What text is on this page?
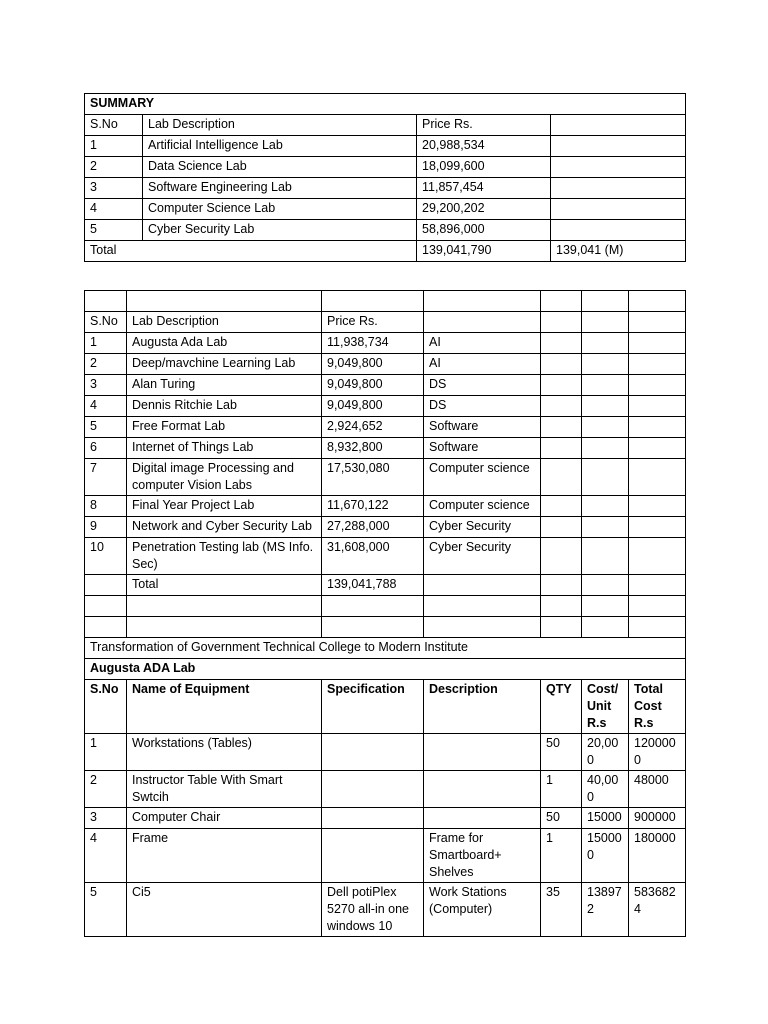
SUMMARY			
S.No	Lab Description	Price Rs.	
1	Artificial Intelligence Lab	20,988,534	
2	Data Science Lab	18,099,600	
3	Software Engineering Lab	11,857,454	
4	Computer Science Lab	29,200,202	
5	Cyber Security Lab	58,896,000	
Total		139,041,790	139,041 (M)

S.No	Lab Description	Price Rs.				
1	Augusta Ada Lab	11,938,734	AI			
2	Deep/mavchine Learning Lab	9,049,800	AI			
3	Alan Turing	9,049,800	DS			
4	Dennis Ritchie Lab	9,049,800	DS			
5	Free Format Lab	2,924,652	Software			
6	Internet of Things Lab	8,932,800	Software			
7	Digital image Processing and computer Vision Labs	17,530,080	Computer science			
8	Final Year Project Lab	11,670,122	Computer science			
9	Network and Cyber Security Lab	27,288,000	Cyber Security			
10	Penetration Testing lab (MS Info. Sec)	31,608,000	Cyber Security			
	Total	139,041,788				

Transformation of Government Technical College to Modern Institute						
Augusta ADA Lab						
S.No	Name of Equipment	Specification	Description	QTY	Cost/ Unit R.s	Total Cost R.s
1	Workstations (Tables)			50	20,000	1200000
2	Instructor Table With Smart Swtcih			1	40,000	48000
3	Computer Chair			50	15000	900000
4	Frame		Frame for Smartboard+ Shelves	1	150000	180000
5	Ci5	Dell potiPlex 5270 all-in one windows 10	Work Stations (Computer)	35	138972	5836824
